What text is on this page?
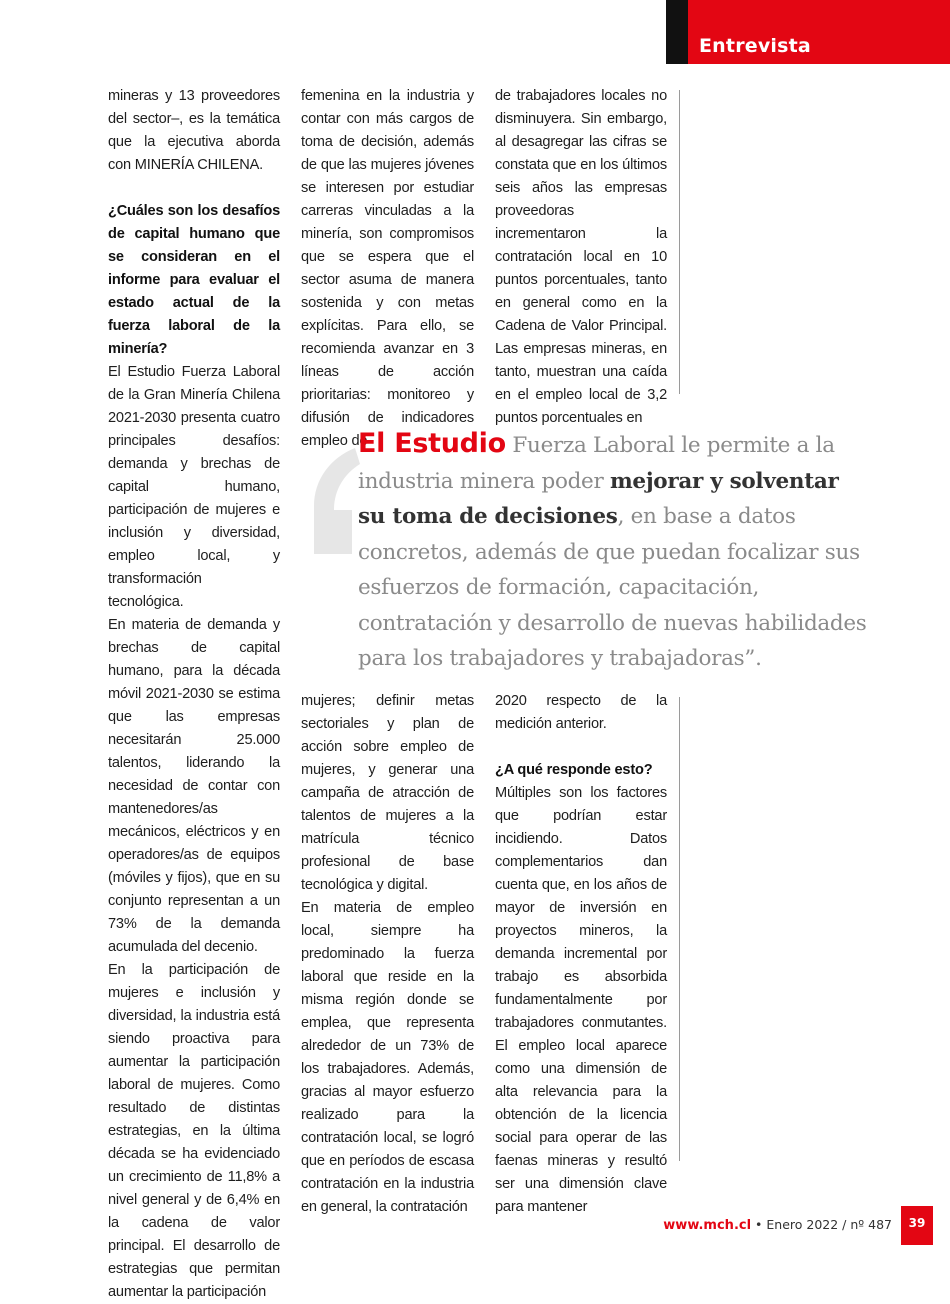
Entrevista

mineras y 13 proveedores del sector–, es la temática que la ejecutiva aborda con MINERÍA CHILENA.

¿Cuáles son los desafíos de capital humano que se consideran en el informe para evaluar el estado actual de la fuerza laboral de la minería?

El Estudio Fuerza Laboral de la Gran Minería Chilena 2021-2030 presenta cuatro principales desafíos: demanda y brechas de capital humano, participación de mujeres e inclusión y diversidad, empleo local, y transformación tecnológica.

En materia de demanda y brechas de capital humano, para la década móvil 2021-2030 se estima que las empresas necesitarán 25.000 talentos, liderando la necesidad de contar con mantenedores/as mecánicos, eléctricos y en operadores/as de equipos (móviles y fijos), que en su conjunto representan a un 73% de la demanda acumulada del decenio.

En la participación de mujeres e inclusión y diversidad, la industria está siendo proactiva para aumentar la participación laboral de mujeres. Como resultado de distintas estrategias, en la última década se ha evidenciado un crecimiento de 11,8% a nivel general y de 6,4% en la cadena de valor principal. El desarrollo de estrategias que permitan aumentar la participación

femenina en la industria y contar con más cargos de toma de decisión, además de que las mujeres jóvenes se interesen por estudiar carreras vinculadas a la minería, son compromisos que se espera que el sector asuma de manera sostenida y con metas explícitas. Para ello, se recomienda avanzar en 3 líneas de acción prioritarias: monitoreo y difusión de indicadores empleo de

de trabajadores locales no disminuyera. Sin embargo, al desagregar las cifras se constata que en los últimos seis años las empresas proveedoras incrementaron la contratación local en 10 puntos porcentuales, tanto en general como en la Cadena de Valor Principal. Las empresas mineras, en tanto, muestran una caída en el empleo local de 3,2 puntos porcentuales en

El Estudio Fuerza Laboral le permite a la industria minera poder mejorar y solventar su toma de decisiones, en base a datos concretos, además de que puedan focalizar sus esfuerzos de formación, capacitación, contratación y desarrollo de nuevas habilidades para los trabajadores y trabajadoras”.

mujeres; definir metas sectoriales y plan de acción sobre empleo de mujeres, y generar una campaña de atracción de talentos de mujeres a la matrícula técnico profesional de base tecnológica y digital.

En materia de empleo local, siempre ha predominado la fuerza laboral que reside en la misma región donde se emplea, que representa alrededor de un 73% de los trabajadores. Además, gracias al mayor esfuerzo realizado para la contratación local, se logró que en períodos de escasa contratación en la industria en general, la contratación

2020 respecto de la medición anterior.

¿A qué responde esto?

Múltiples son los factores que podrían estar incidiendo. Datos complementarios dan cuenta que, en los años de mayor de inversión en proyectos mineros, la demanda incremental por trabajo es absorbida fundamentalmente por trabajadores conmutantes. El empleo local aparece como una dimensión de alta relevancia para la obtención de la licencia social para operar de las faenas mineras y resultó ser una dimensión clave para mantener

www.mch.cl • Enero 2022 / nº 487	39
